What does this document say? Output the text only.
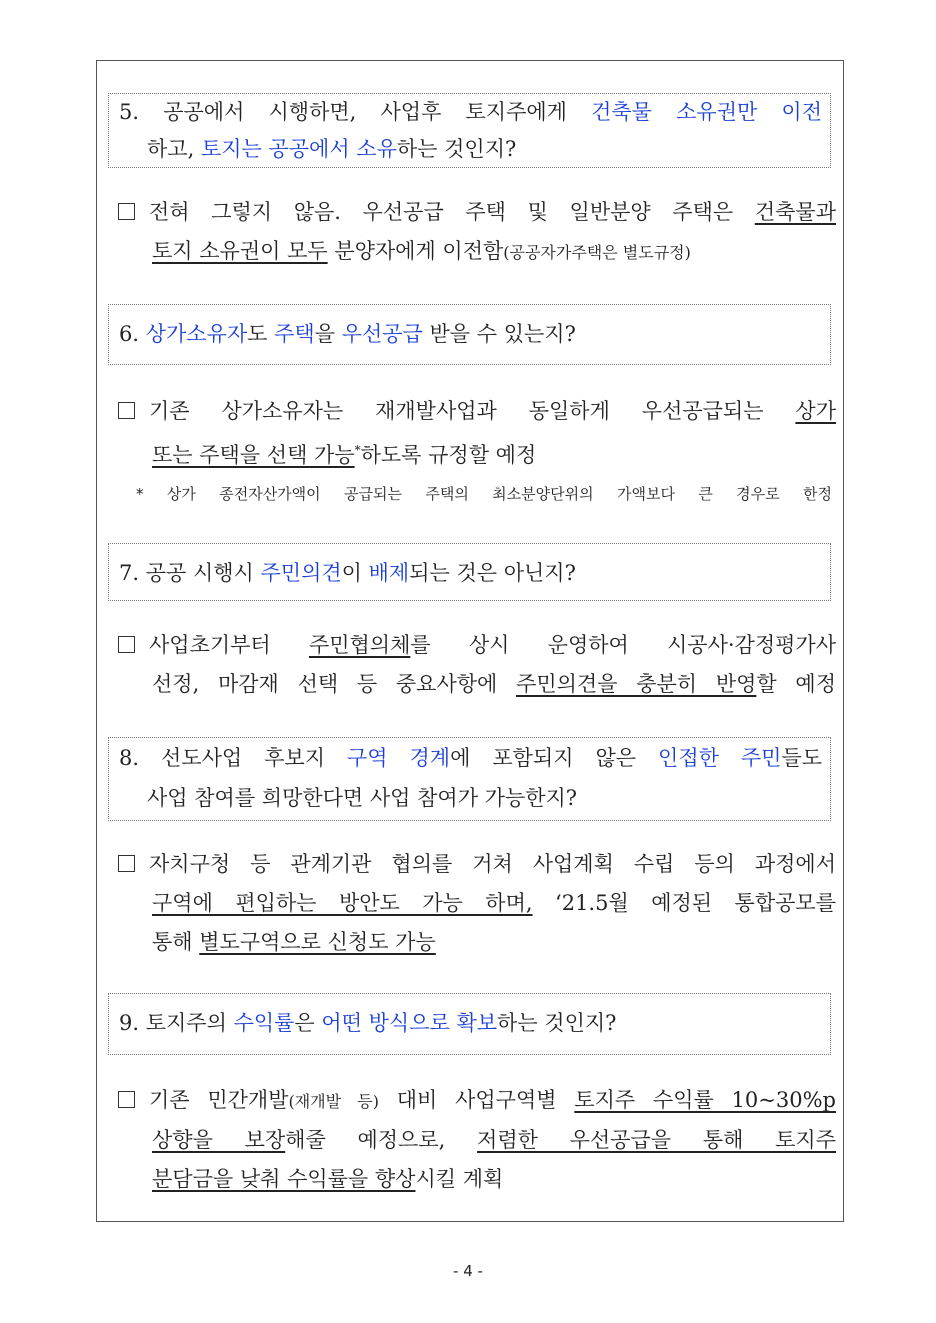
5. 공공에서 시행하면, 사업후 토지주에게 건축물 소유권만 이전
하고, 토지는 공공에서 소유하는 것인지?
전혀 그렇지 않음. 우선공급 주택 및 일반분양 주택은 건축물과
토지 소유권이 모두 분양자에게 이전함(공공자가주택은 별도규정)
6. 상가소유자도 주택을 우선공급 받을 수 있는지?
기존 상가소유자는 재개발사업과 동일하게 우선공급되는 상가
또는 주택을 선택 가능*하도록 규정할 예정
* 상가 종전자산가액이 공급되는 주택의 최소분양단위의 가액보다 큰 경우로 한정
7. 공공 시행시 주민의견이 배제되는 것은 아닌지?
사업초기부터 주민협의체를 상시 운영하여 시공사·감정평가사
선정, 마감재 선택 등 중요사항에 주민의견을 충분히 반영할 예정
8. 선도사업 후보지 구역 경계에 포함되지 않은 인접한 주민들도
사업 참여를 희망한다면 사업 참여가 가능한지?
자치구청 등 관계기관 협의를 거쳐 사업계획 수립 등의 과정에서
구역에 편입하는 방안도 가능 하며, ‘21.5월 예정된 통합공모를
통해 별도구역으로 신청도 가능
9. 토지주의 수익률은 어떤 방식으로 확보하는 것인지?
기존 민간개발(재개발 등) 대비 사업구역별 토지주 수익률 10~30%p
상향을 보장해줄 예정으로, 저렴한 우선공급을 통해 토지주
분담금을 낮춰 수익률을 향상시킬 계획
- 4 -
